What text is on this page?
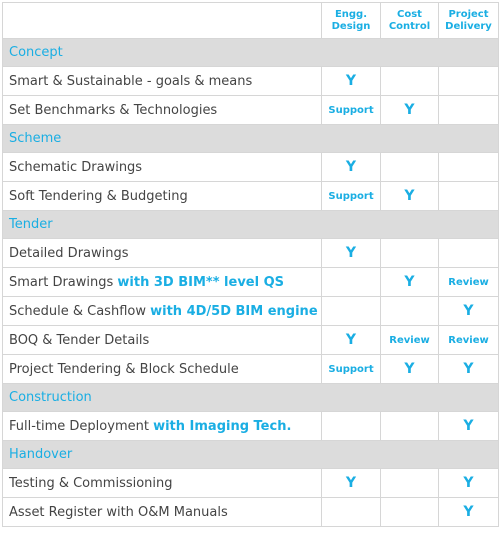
	Engg. Design	Cost Control	Project Delivery
Concept			
Smart & Sustainable - goals & means	Y		
Set Benchmarks & Technologies	Support	Y	
Scheme			
Schematic Drawings	Y		
Soft Tendering & Budgeting	Support	Y	
Tender			
Detailed Drawings	Y		
Smart Drawings with 3D BIM** level QS		Y	Review
Schedule & Cashflow with 4D/5D BIM engine			Y
BOQ & Tender Details	Y	Review	Review
Project Tendering & Block Schedule	Support	Y	Y
Construction			
Full-time Deployment with Imaging Tech.			Y
Handover			
Testing & Commissioning	Y		Y
Asset Register with O&M Manuals			Y
